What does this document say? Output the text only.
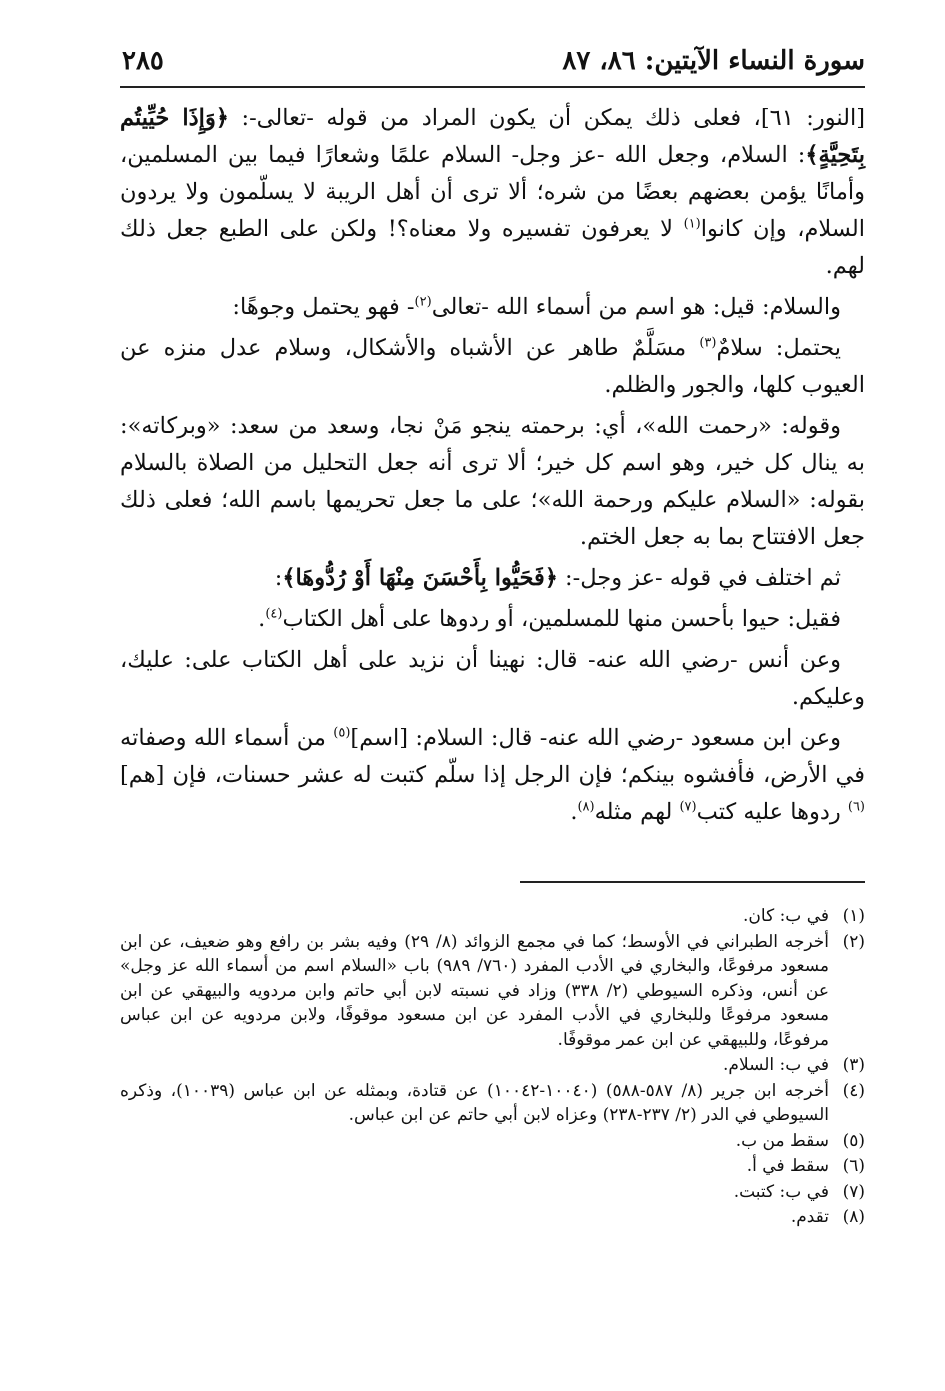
سورة النساء الآيتين: ٨٦، ٨٧
٢٨٥

[النور: ٦١]، فعلى ذلك يمكن أن يكون المراد من قوله -تعالى-: ﴿وَإِذَا حُيِّيتُم بِتَحِيَّةٍ﴾: السلام، وجعل الله -عز وجل- السلام علمًا وشعارًا فيما بين المسلمين، وأمانًا يؤمن بعضهم بعضًا من شره؛ ألا ترى أن أهل الريبة لا يسلّمون ولا يردون السلام، وإن كانوا$^{(١)}$ لا يعرفون تفسيره ولا معناه؟! ولكن على الطبع جعل ذلك لهم.

والسلام: قيل: هو اسم من أسماء الله -تعالى$^{(٢)}$- فهو يحتمل وجوهًا:

يحتمل: سلامٌ$^{(٣)}$ مسَلَّمٌ طاهر عن الأشباه والأشكال، وسلام عدل منزه عن العيوب كلها، والجور والظلم.

وقوله: «رحمت الله»، أي: برحمته ينجو مَنْ نجا، وسعد من سعد: «وبركاته»: به ينال كل خير، وهو اسم كل خير؛ ألا ترى أنه جعل التحليل من الصلاة بالسلام بقوله: «السلام عليكم ورحمة الله»؛ على ما جعل تحريمها باسم الله؛ فعلى ذلك جعل الافتتاح بما به جعل الختم.

ثم اختلف في قوله -عز وجل-: ﴿فَحَيُّوا بِأَحْسَنَ مِنْهَا أَوْ رُدُّوهَا﴾:

فقيل: حيوا بأحسن منها للمسلمين، أو ردوها على أهل الكتاب$^{(٤)}$.

وعن أنس -رضي الله عنه- قال: نهينا أن نزيد على أهل الكتاب على: عليك، وعليكم.

وعن ابن مسعود -رضي الله عنه- قال: السلام: [اسم]$^{(٥)}$ من أسماء الله وصفاته في الأرض، فأفشوه بينكم؛ فإن الرجل إذا سلّم كتبت له عشر حسنات، فإن [هم]$^{(٦)}$ ردوها عليه كتب$^{(٧)}$ لهم مثله$^{(٨)}$.

(١)
في ب: كان.
(٢)
أخرجه الطبراني في الأوسط؛ كما في مجمع الزوائد (٨/ ٢٩) وفيه بشر بن رافع وهو ضعيف، عن ابن مسعود مرفوعًا، والبخاري في الأدب المفرد (٧٦٠/ ٩٨٩) باب «السلام اسم من أسماء الله عز وجل» عن أنس، وذكره السيوطي (٢/ ٣٣٨) وزاد في نسبته لابن أبي حاتم وابن مردويه والبيهقي عن ابن مسعود مرفوعًا وللبخاري في الأدب المفرد عن ابن مسعود موقوفًا، ولابن مردويه عن ابن عباس مرفوعًا، وللبيهقي عن ابن عمر موقوفًا.
(٣)
في ب: السلام.
(٤)
أخرجه ابن جرير (٨/ ٥٨٧-٥٨٨) (١٠٠٤٠-١٠٠٤٢) عن قتادة، وبمثله عن ابن عباس (١٠٠٣٩)، وذكره السيوطي في الدر (٢/ ٢٣٧-٢٣٨) وعزاه لابن أبي حاتم عن ابن عباس.
(٥)
سقط من ب.
(٦)
سقط في أ.
(٧)
في ب: كتبت.
(٨)
تقدم.
